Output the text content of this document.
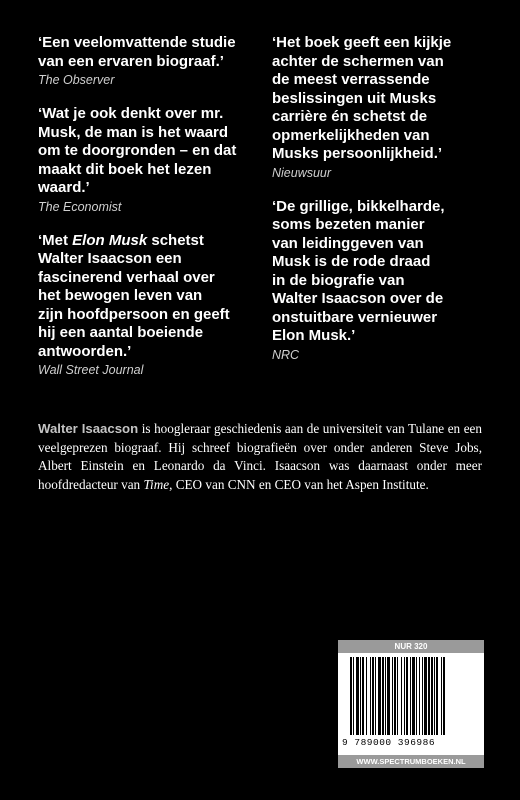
‘Een veelomvattende studie
van een ervaren biograaf.’
The Observer
‘Wat je ook denkt over mr.
Musk, de man is het waard
om te doorgronden – en dat
maakt dit boek het lezen
waard.’
The Economist
‘Met Elon Musk schetst
Walter Isaacson een
fascinerend verhaal over
het bewogen leven van
zijn hoofdpersoon en geeft
hij een aantal boeiende
antwoorden.’
Wall Street Journal
‘Het boek geeft een kijkje
achter de schermen van
de meest verrassende
beslissingen uit Musks
carrière én schetst de
opmerkelijkheden van
Musks persoonlijkheid.’
Nieuwsuur
‘De grillige, bikkelharde,
soms bezeten manier
van leidinggeven van
Musk is de rode draad
in de biografie van
Walter Isaacson over de
onstuitbare vernieuwer
Elon Musk.’
NRC
Walter Isaacson is hoogleraar geschiedenis aan de universiteit van Tulane en een veelgeprezen biograaf. Hij schreef biografieën over onder anderen Steve Jobs, Albert Einstein en Leonardo da Vinci. Isaacson was daarnaast onder meer hoofdredacteur van Time, CEO van CNN en CEO van het Aspen Institute.
NUR 320
9 789000 396986
WWW.SPECTRUMBOEKEN.NL
